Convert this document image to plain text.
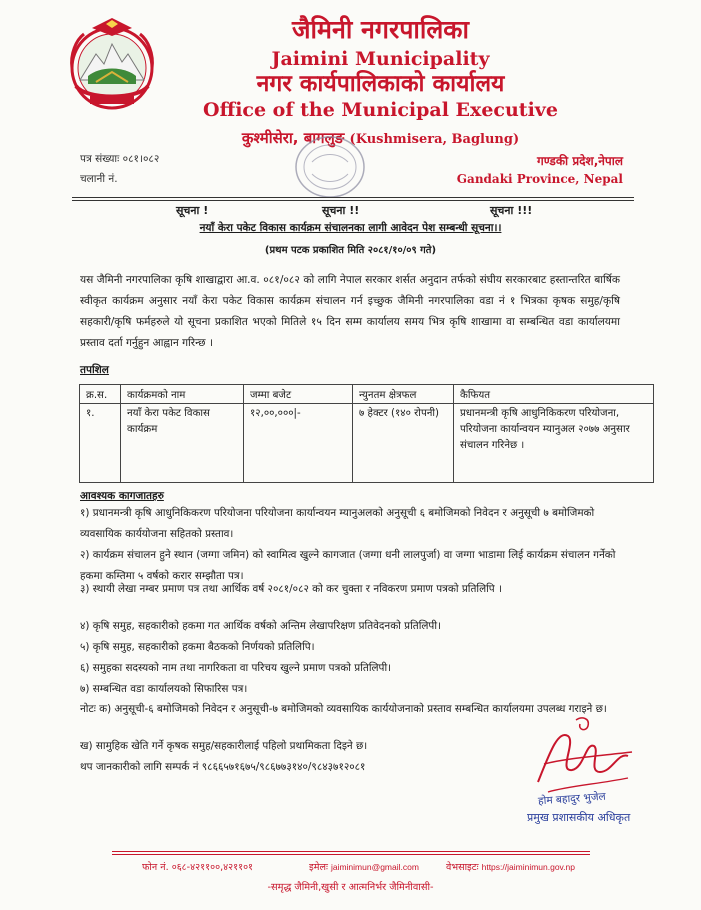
जैमिनी नगरपालिका
Jaimini Municipality
नगर कार्यपालिकाको कार्यालय
Office of the Municipal Executive
कुश्मीसेरा, बागलुङ (Kushmisera, Baglung)
पत्र संख्याः ०८१।०८२
चलानी नं.
गण्डकी प्रदेश,नेपाल
Gandaki Province, Nepal
सूचना !	सूचना !!	सूचना !!!
नयाँ केरा पकेट विकास कार्यक्रम संचालनका लागी आवेदन पेश सम्बन्धी सूचना।।
(प्रथम पटक प्रकाशित मिति २०८१/१०/०९ गते)
यस जैमिनी नगरपालिका कृषि शाखाद्वारा आ.व. ०८१/०८२ को लागि नेपाल सरकार शर्सत अनुदान तर्फको संघीय सरकारबाट हस्तान्तरित बार्षिक स्वीकृत कार्यक्रम अनुसार नयाँ केरा पकेट विकास कार्यक्रम संचालन गर्न इच्छुक जैमिनी नगरपालिका वडा नं १ भित्रका कृषक समुह/कृषि सहकारी/कृषि फर्महरुले यो सूचना प्रकाशित भएको मितिले १५ दिन सम्म कार्यालय समय भित्र कृषि शाखामा वा सम्बन्धित वडा कार्यालयमा प्रस्ताव दर्ता गर्नुहुन आह्वान गरिन्छ ।
तपशिल
क्र.स.	कार्यक्रमको नाम	जम्मा बजेट	न्युनतम क्षेत्रफल	कैफियत
१.	नयाँ केरा पकेट विकास कार्यक्रम	१२,००,०००|-	७ हेक्टर (१४० रोपनी)	प्रधानमन्त्री कृषि आधुनिकिकरण परियोजना, परियोजना कार्यान्वयन म्यानुअल २०७७ अनुसार संचालन गरिनेछ ।
आवश्यक कागजातहरु
१) प्रधानमन्त्री कृषि आधुनिकिकरण परियोजना परियोजना कार्यान्वयन म्यानुअलको अनुसूची ६ बमोजिमको निवेदन र अनुसूची ७ बमोजिमको व्यवसायिक कार्ययोजना सहितको प्रस्ताव।
२) कार्यक्रम संचालन हुने स्थान (जग्गा जमिन) को स्वामित्व खुल्ने कागजात (जग्गा धनी लालपुर्जा) वा जग्गा भाडामा लिई कार्यक्रम संचालन गर्नेको हकमा कम्तिमा ५ वर्षको करार सम्झौता पत्र।
३) स्थायी लेखा नम्बर प्रमाण पत्र तथा आर्थिक वर्ष २०८१/०८२ को कर चुक्ता र नविकरण प्रमाण पत्रको प्रतिलिपि ।
४) कृषि समुह, सहकारीको हकमा गत आर्थिक वर्षको अन्तिम लेखापरिक्षण प्रतिवेदनको प्रतिलिपी।
५) कृषि समुह, सहकारीको हकमा बैठकको निर्णयको प्रतिलिपि।
६) समुहका सदस्यको नाम तथा नागरिकता वा परिचय खुल्ने प्रमाण पत्रको प्रतिलिपी।
७) सम्बन्धित वडा कार्यालयको सिफारिस पत्र।
नोटः क) अनुसूची-६ बमोजिमको निवेदन र अनुसूची-७ बमोजिमको व्यवसायिक कार्ययोजनाको प्रस्ताव सम्बन्धित कार्यालयमा उपलब्ध गराइने छ।
ख) सामुहिक खेति गर्ने कृषक समुह/सहकारीलाई पहिलो प्रथामिकता दिइने छ।
थप जानकारीको लागि सम्पर्क नं ९८६६५७१६७५/९८६७७३१४०/९८४३७१२०८१
होम बहादुर भुजेल
प्रमुख प्रशासकीय अधिकृत
फोन नं. ०६८-४२११००,४२११०१	इमेलः jaiminimun@gmail.com	वेभसाइटः https://jaiminimun.gov.np
-समृद्ध जैमिनी,खुसी र आत्मनिर्भर जैमिनीवासी-
